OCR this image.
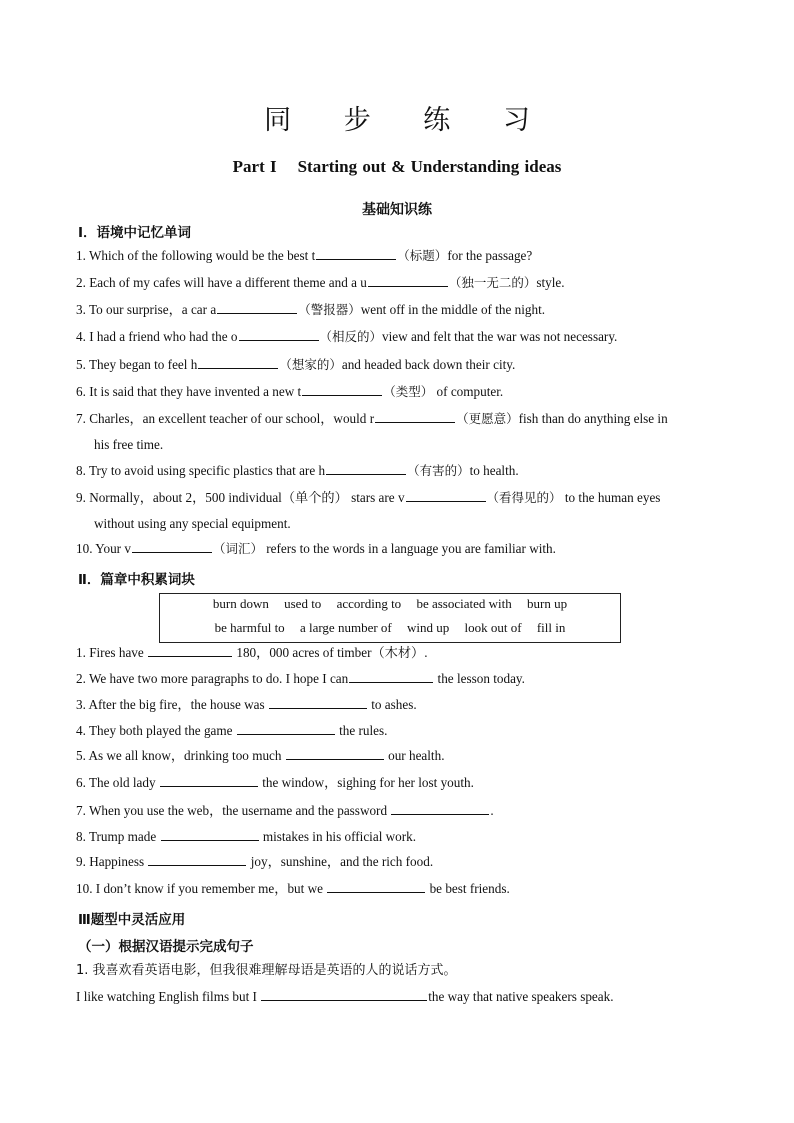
同 步 练 习
Part I    Starting out & Understanding ideas
基础知识练
Ⅰ．语境中记忆单词
1. Which of the following would be the best t	（标题）for the passage?
2. Each of my cafes will have a different theme and a u	（独一无二的）style.
3. To our surprise，a car a	（警报器）went off in the middle of the night.
4. I had a friend who had the o	（相反的）view and felt that the war was not necessary.
5. They began to feel h	（想家的）and headed back down their city.
6. It is said that they have invented a new t	（类型） of computer.
7. Charles，an excellent teacher of our school，would r	（更愿意）fish than do anything else in
his free time.
8. Try to avoid using specific plastics that are h	（有害的）to health.
9. Normally，about 2，500 individual（单个的） stars are v	（看得见的） to the human eyes
without using any special equipment.
10. Your v	（词汇） refers to the words in a language you are familiar with.
Ⅱ．篇章中积累词块
burn down used to according to be associated with burn up
be harmful to a large number of wind up look out of fill in
1. Fires have	180，000 acres of timber（木材）.
2. We have two more paragraphs to do. I hope I can	the lesson today.
3. After the big fire，the house was	to ashes.
4. They both played the game	the rules.
5. As we all know，drinking too much	our health.
6. The old lady	the window，sighing for her lost youth.
7. When you use the web，the username and the password	.
8. Trump made	mistakes in his official work.
9. Happiness	joy，sunshine，and the rich food.
10. I don’t know if you remember me，but we	be best friends.
Ⅲ题型中灵活应用
（一）根据汉语提示完成句子
1. 我喜欢看英语电影，但我很难理解母语是英语的人的说话方式。
I like watching English films but I	the way that native speakers speak.
